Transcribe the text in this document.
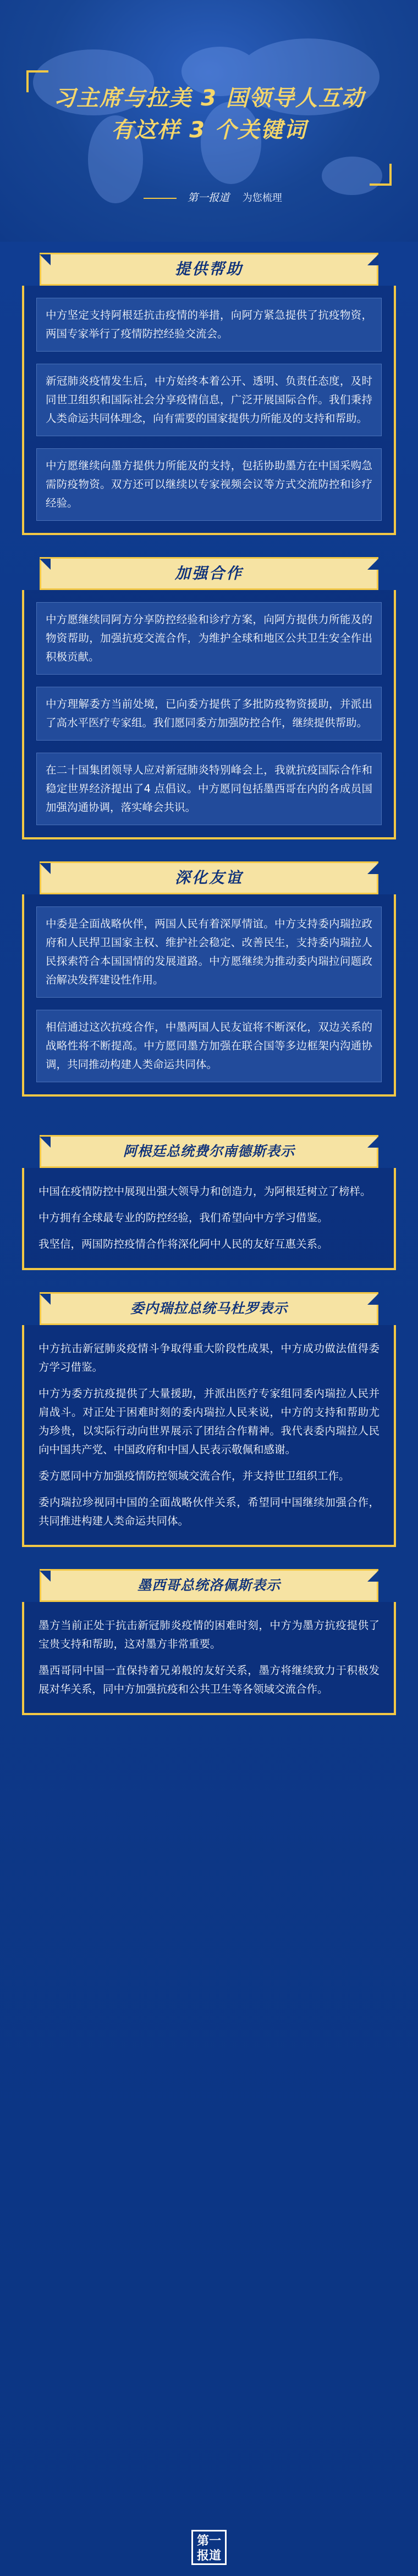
习主席与拉美 3 国领导人互动
有这样 3 个关键词
第一报道 为您梳理
提供帮助
中方坚定支持阿根廷抗击疫情的举措，向阿方紧急提供了抗疫物资，两国专家举行了疫情防控经验交流会。
新冠肺炎疫情发生后，中方始终本着公开、透明、负责任态度，及时同世卫组织和国际社会分享疫情信息，广泛开展国际合作。我们秉持人类命运共同体理念，向有需要的国家提供力所能及的支持和帮助。
中方愿继续向墨方提供力所能及的支持，包括协助墨方在中国采购急需防疫物资。双方还可以继续以专家视频会议等方式交流防控和诊疗经验。
加强合作
中方愿继续同阿方分享防控经验和诊疗方案，向阿方提供力所能及的物资帮助，加强抗疫交流合作，为维护全球和地区公共卫生安全作出积极贡献。
中方理解委方当前处境，已向委方提供了多批防疫物资援助，并派出了高水平医疗专家组。我们愿同委方加强防控合作，继续提供帮助。
在二十国集团领导人应对新冠肺炎特别峰会上，我就抗疫国际合作和稳定世界经济提出了4 点倡议。中方愿同包括墨西哥在内的各成员国加强沟通协调，落实峰会共识。
深化友谊
中委是全面战略伙伴，两国人民有着深厚情谊。中方支持委内瑞拉政府和人民捍卫国家主权、维护社会稳定、改善民生，支持委内瑞拉人民探索符合本国国情的发展道路。中方愿继续为推动委内瑞拉问题政治解决发挥建设性作用。
相信通过这次抗疫合作，中墨两国人民友谊将不断深化，双边关系的战略性将不断提高。中方愿同墨方加强在联合国等多边框架内沟通协调，共同推动构建人类命运共同体。
阿根廷总统费尔南德斯表示
中国在疫情防控中展现出强大领导力和创造力，为阿根廷树立了榜样。
中方拥有全球最专业的防控经验，我们希望向中方学习借鉴。
我坚信，两国防控疫情合作将深化阿中人民的友好互惠关系。
委内瑞拉总统马杜罗表示
中方抗击新冠肺炎疫情斗争取得重大阶段性成果，中方成功做法值得委方学习借鉴。
中方为委方抗疫提供了大量援助，并派出医疗专家组同委内瑞拉人民并肩战斗。对正处于困难时刻的委内瑞拉人民来说，中方的支持和帮助尤为珍贵，以实际行动向世界展示了团结合作精神。我代表委内瑞拉人民向中国共产党、中国政府和中国人民表示敬佩和感谢。
委方愿同中方加强疫情防控领域交流合作，并支持世卫组织工作。
委内瑞拉珍视同中国的全面战略伙伴关系，希望同中国继续加强合作，共同推进构建人类命运共同体。
墨西哥总统洛佩斯表示
墨方当前正处于抗击新冠肺炎疫情的困难时刻，中方为墨方抗疫提供了宝贵支持和帮助，这对墨方非常重要。
墨西哥同中国一直保持着兄弟般的友好关系，墨方将继续致力于积极发展对华关系，同中方加强抗疫和公共卫生等各领域交流合作。
第一
报道
